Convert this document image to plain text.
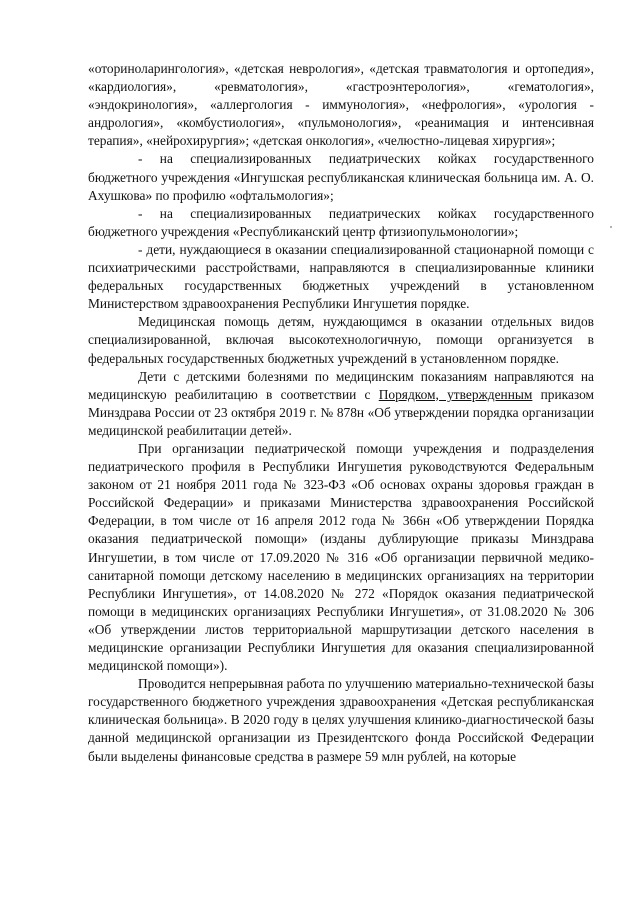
«оториноларингология», «детская неврология», «детская травматология и ортопедия», «кардиология», «ревматология», «гастроэнтерология», «гематология», «эндокринология», «аллергология - иммунология», «нефрология», «урология - андрология», «комбустиология», «пульмонология», «реанимация и интенсивная терапия», «нейрохирургия»; «детская онкология», «челюстно-лицевая хирургия»;

- на специализированных педиатрических койках государственного бюджетного учреждения «Ингушская республиканская клиническая больница им. А. О. Ахушкова» по профилю «офтальмология»;

- на специализированных педиатрических койках государственного бюджетного учреждения «Республиканский центр фтизиопульмонологии»;

- дети, нуждающиеся в оказании специализированной стационарной помощи с психиатрическими расстройствами, направляются в специализированные клиники федеральных государственных бюджетных учреждений в установленном Министерством здравоохранения Республики Ингушетия порядке.

Медицинская помощь детям, нуждающимся в оказании отдельных видов специализированной, включая высокотехнологичную, помощи организуется в федеральных государственных бюджетных учреждений в установленном порядке.

Дети с детскими болезнями по медицинским показаниям направляются на медицинскую реабилитацию в соответствии с Порядком, утвержденным приказом Минздрава России от 23 октября 2019 г. № 878н «Об утверждении порядка организации медицинской реабилитации детей».

При организации педиатрической помощи учреждения и подразделения педиатрического профиля в Республики Ингушетия руководствуются Федеральным законом от 21 ноября 2011 года № 323-ФЗ «Об основах охраны здоровья граждан в Российской Федерации» и приказами Министерства здравоохранения Российской Федерации, в том числе от 16 апреля 2012 года № 366н «Об утверждении Порядка оказания педиатрической помощи» (изданы дублирующие приказы Минздрава Ингушетии, в том числе от 17.09.2020 № 316 «Об организации первичной медико-санитарной помощи детскому населению в медицинских организациях на территории Республики Ингушетия», от 14.08.2020 № 272 «Порядок оказания педиатрической помощи в медицинских организациях Республики Ингушетия», от 31.08.2020 № 306 «Об утверждении листов территориальной маршрутизации детского населения в медицинские организации Республики Ингушетия для оказания специализированной медицинской помощи»).

Проводится непрерывная работа по улучшению материально-технической базы государственного бюджетного учреждения здравоохранения «Детская республиканская клиническая больница». В 2020 году в целях улучшения клинико-диагностической базы данной медицинской организации из Президентского фонда Российской Федерации были выделены финансовые средства в размере 59 млн рублей, на которые
